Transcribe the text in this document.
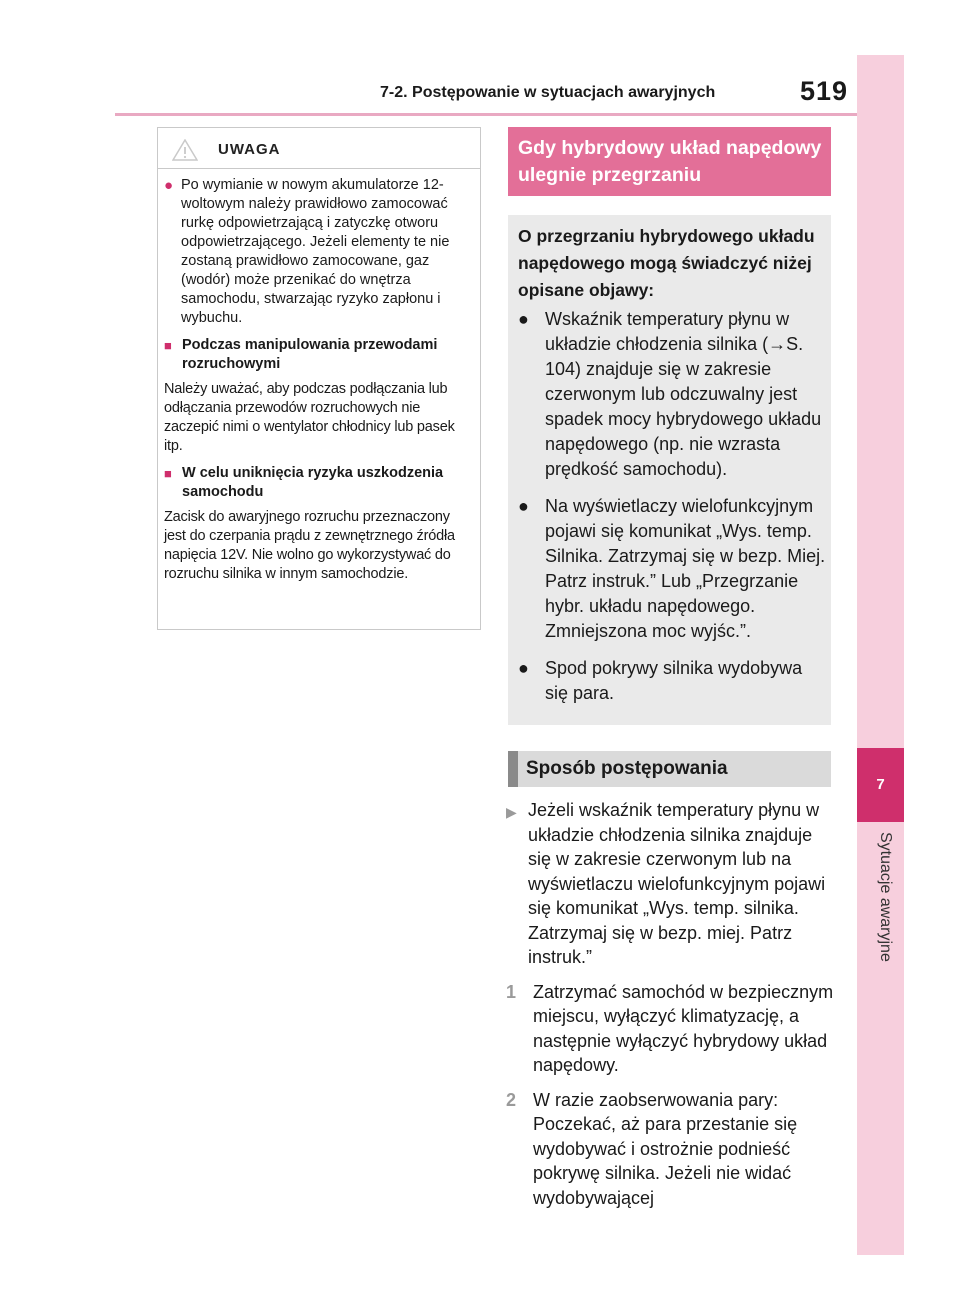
7-2. Postępowanie w sytuacjach awaryjnych	519
7
Sytuacje awaryjne
UWAGA
● Po wymianie w nowym akumulatorze 12-woltowym należy prawidłowo zamocować rurkę odpowietrzającą i zatyczkę otworu odpowietrzającego. Jeżeli elementy te nie zostaną prawidłowo zamocowane, gaz (wodór) może przenikać do wnętrza samochodu, stwarzając ryzyko zapłonu i wybuchu.
■ Podczas manipulowania przewodami rozruchowymi
Należy uważać, aby podczas podłączania lub odłączania przewodów rozruchowych nie zaczepić nimi o wentylator chłodnicy lub pasek itp.
■ W celu uniknięcia ryzyka uszkodzenia samochodu
Zacisk do awaryjnego rozruchu przeznaczony jest do czerpania prądu z zewnętrznego źródła napięcia 12V. Nie wolno go wykorzystywać do rozruchu silnika w innym samochodzie.
Gdy hybrydowy układ napędowy ulegnie przegrzaniu
O przegrzaniu hybrydowego układu napędowego mogą świadczyć niżej opisane objawy:
● Wskaźnik temperatury płynu w układzie chłodzenia silnika (→S. 104) znajduje się w zakresie czerwonym lub odczuwalny jest spadek mocy hybrydowego układu napędowego (np. nie wzrasta prędkość samochodu).
● Na wyświetlaczy wielofunkcyjnym pojawi się komunikat „Wys. temp. Silnika. Zatrzymaj się w bezp. Miej. Patrz instruk.” Lub „Przegrzanie hybr. układu napędowego. Zmniejszona moc wyjśc.”.
● Spod pokrywy silnika wydobywa się para.
Sposób postępowania
▶ Jeżeli wskaźnik temperatury płynu w układzie chłodzenia silnika znajduje się w zakresie czerwonym lub na wyświetlaczu wielofunkcyjnym pojawi się komunikat „Wys. temp. silnika. Zatrzymaj się w bezp. miej. Patrz instruk.”
1 Zatrzymać samochód w bezpiecznym miejscu, wyłączyć klimatyzację, a następnie wyłączyć hybrydowy układ napędowy.
2 W razie zaobserwowania pary: Poczekać, aż para przestanie się wydobywać i ostrożnie podnieść pokrywę silnika. Jeżeli nie widać wydobywającej
